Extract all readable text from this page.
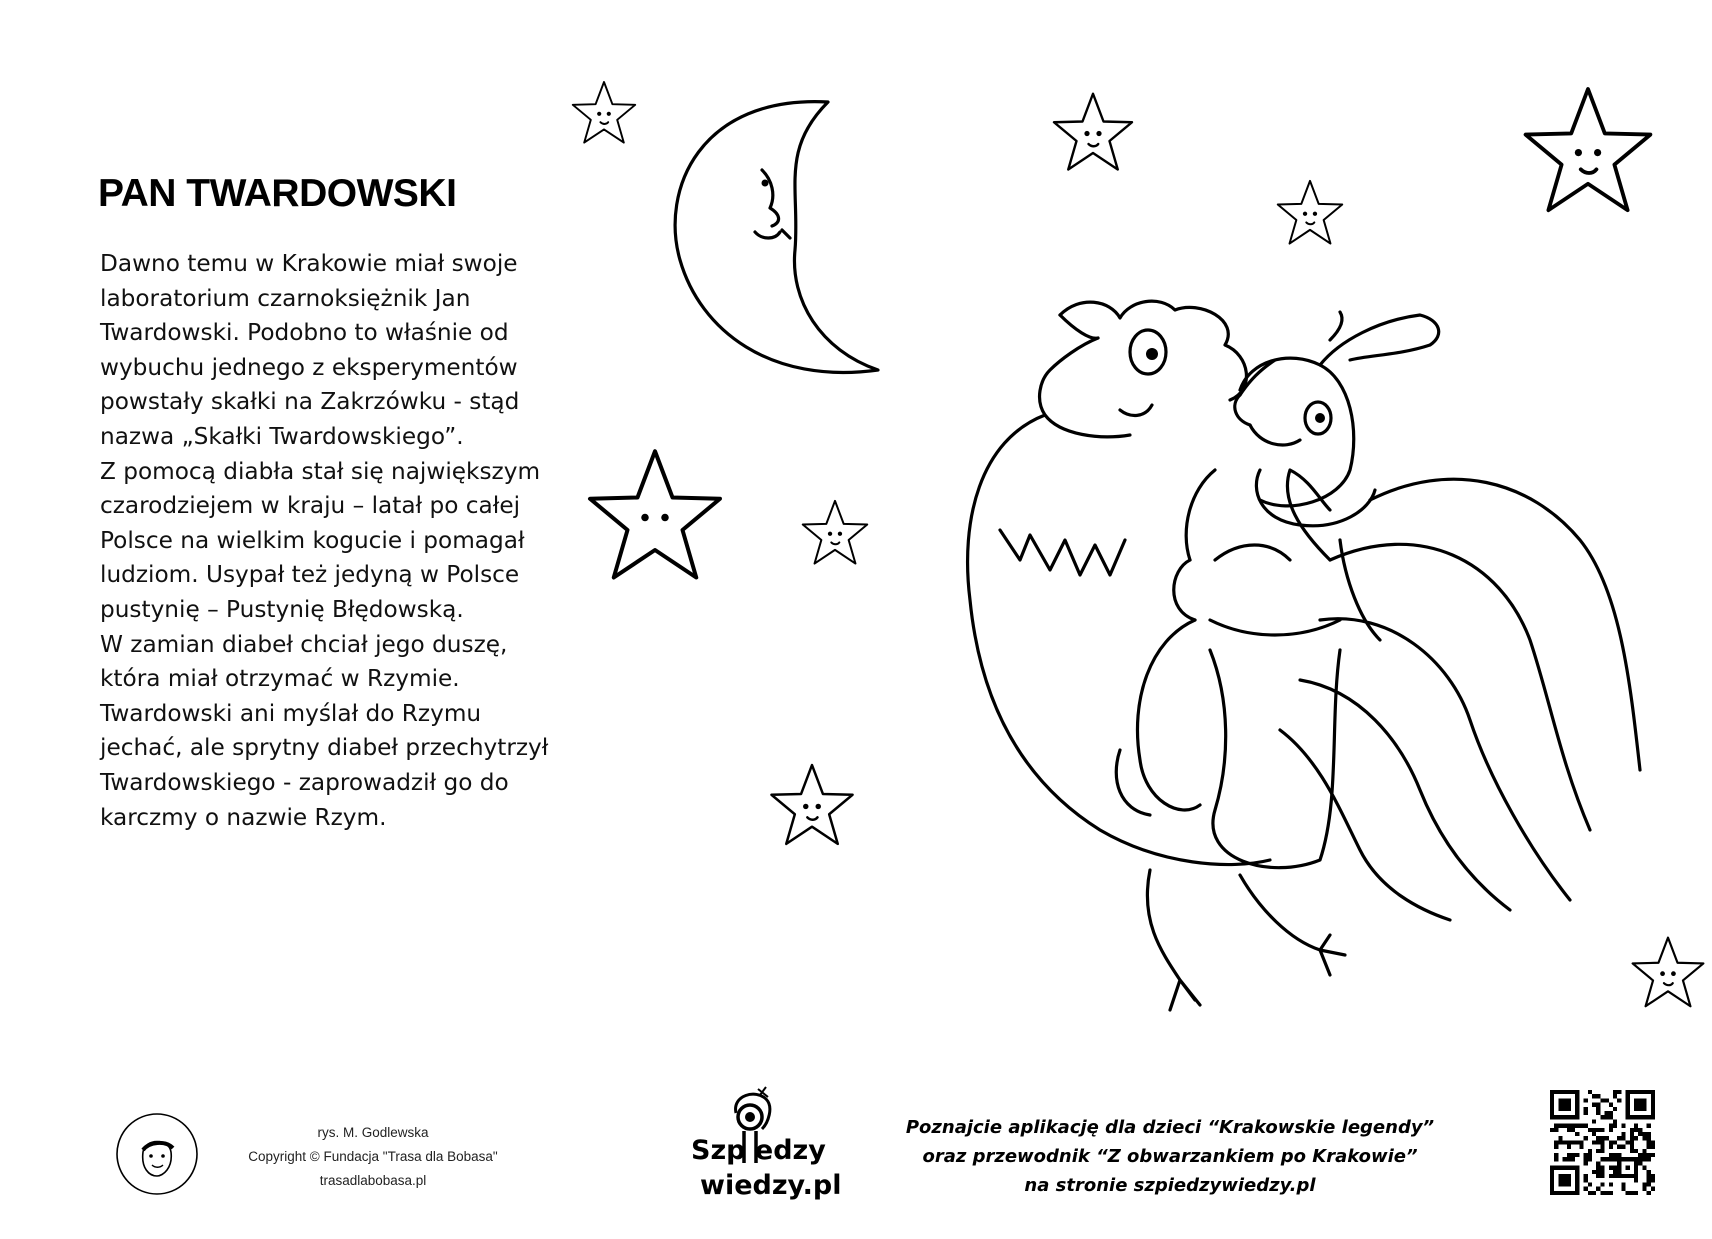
PAN TWARDOWSKI
Dawno temu w Krakowie miał swoje
laboratorium czarnoksiężnik Jan
Twardowski. Podobno to właśnie od
wybuchu jednego z eksperymentów
powstały skałki na Zakrzówku - stąd
nazwa „Skałki Twardowskiego”.
Z pomocą diabła stał się największym
czarodziejem w kraju – latał po całej
Polsce na wielkim kogucie i pomagał
ludziom. Usypał też jedyną w Polsce
pustynię – Pustynię Błędowską.
W zamian diabeł chciał jego duszę,
która miał otrzymać w Rzymie.
Twardowski ani myślał do Rzymu
jechać, ale sprytny diabeł przechytrzył
Twardowskiego - zaprowadził go do
karczmy o nazwie Rzym.
rys. M. Godlewska
Copyright © Fundacja "Trasa dla Bobasa"
trasadlabobasa.pl
Szp edzy
wiedzy.pl
Poznajcie aplikację dla dzieci “Krakowskie legendy”
oraz przewodnik “Z obwarzankiem po Krakowie”
na stronie szpiedzywiedzy.pl
